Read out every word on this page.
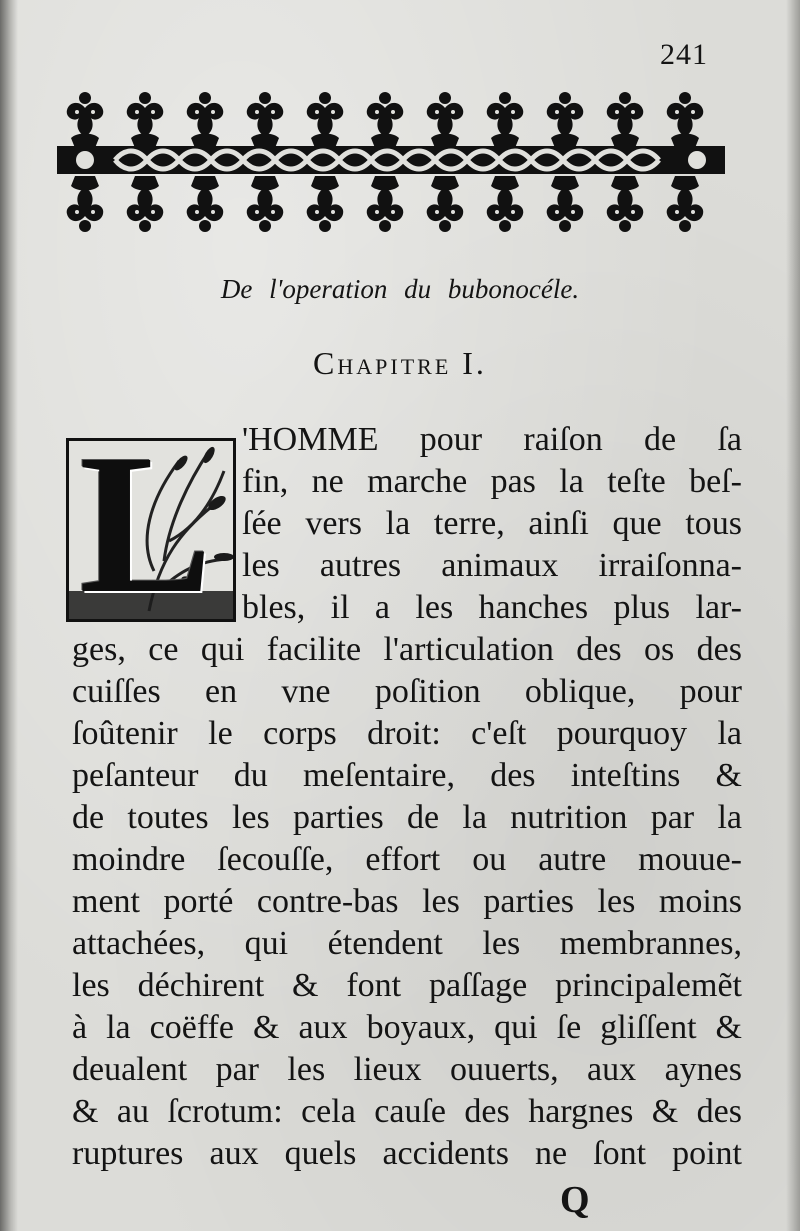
241
De l'operation du bubonocéle.
Chapitre I.
L 'HOMME pour raiſon de ſa
fin, ne marche pas la teſte beſ-
ſée vers la terre, ainſi que tous
les autres animaux irraiſonna-
bles, il a les hanches plus lar-
ges, ce qui facilite l'articulation des os des
cuiſſes en vne poſition oblique, pour
ſoûtenir le corps droit: c'eſt pourquoy la
peſanteur du meſentaire, des inteſtins &
de toutes les parties de la nutrition par la
moindre ſecouſſe, effort ou autre mouue-
ment porté contre-bas les parties les moins
attachées, qui étendent les membrannes,
les déchirent & font paſſage principalemẽt
à la coëffe & aux boyaux, qui ſe gliſſent &
deualent par les lieux ouuerts, aux aynes
& au ſcrotum: cela cauſe des hargnes & des
ruptures aux quels accidents ne ſont point
Q
